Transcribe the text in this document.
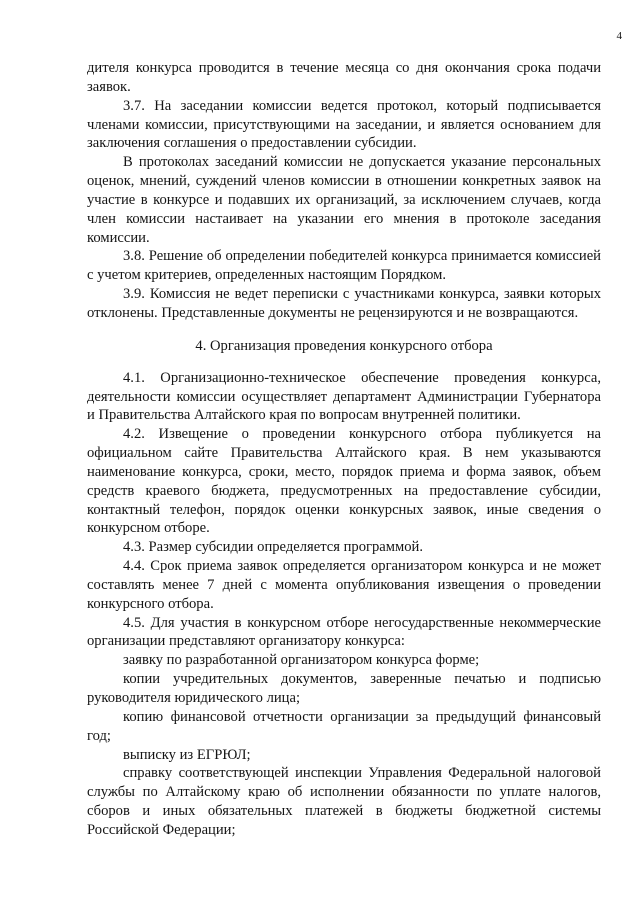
4

дителя конкурса проводится в течение месяца со дня окончания срока подачи заявок.

3.7. На заседании комиссии ведется протокол, который подписывается членами комиссии, присутствующими на заседании, и является основанием для заключения соглашения о предоставлении субсидии.

В протоколах заседаний комиссии не допускается указание персональных оценок, мнений, суждений членов комиссии в отношении конкретных заявок на участие в конкурсе и подавших их организаций, за исключением случаев, когда член комиссии настаивает на указании его мнения в протоколе заседания комиссии.

3.8. Решение об определении победителей конкурса принимается комиссией с учетом критериев, определенных настоящим Порядком.

3.9. Комиссия не ведет переписки с участниками конкурса, заявки которых отклонены. Представленные документы не рецензируются и не возвращаются.

4. Организация проведения конкурсного отбора

4.1. Организационно-техническое обеспечение проведения конкурса, деятельности комиссии осуществляет департамент Администрации Губернатора и Правительства Алтайского края по вопросам внутренней политики.

4.2. Извещение о проведении конкурсного отбора публикуется на официальном сайте Правительства Алтайского края. В нем указываются наименование конкурса, сроки, место, порядок приема и форма заявок, объем средств краевого бюджета, предусмотренных на предоставление субсидии, контактный телефон, порядок оценки конкурсных заявок, иные сведения о конкурсном отборе.

4.3. Размер субсидии определяется программой.

4.4. Срок приема заявок определяется организатором конкурса и не может составлять менее 7 дней с момента опубликования извещения о проведении конкурсного отбора.

4.5. Для участия в конкурсном отборе негосударственные некоммерческие организации представляют организатору конкурса:

заявку по разработанной организатором конкурса форме;

копии учредительных документов, заверенные печатью и подписью руководителя юридического лица;

копию финансовой отчетности организации за предыдущий финансовый год;

выписку из ЕГРЮЛ;

справку соответствующей инспекции Управления Федеральной налоговой службы по Алтайскому краю об исполнении обязанности по уплате налогов, сборов и иных обязательных платежей в бюджеты бюджетной системы Российской Федерации;
